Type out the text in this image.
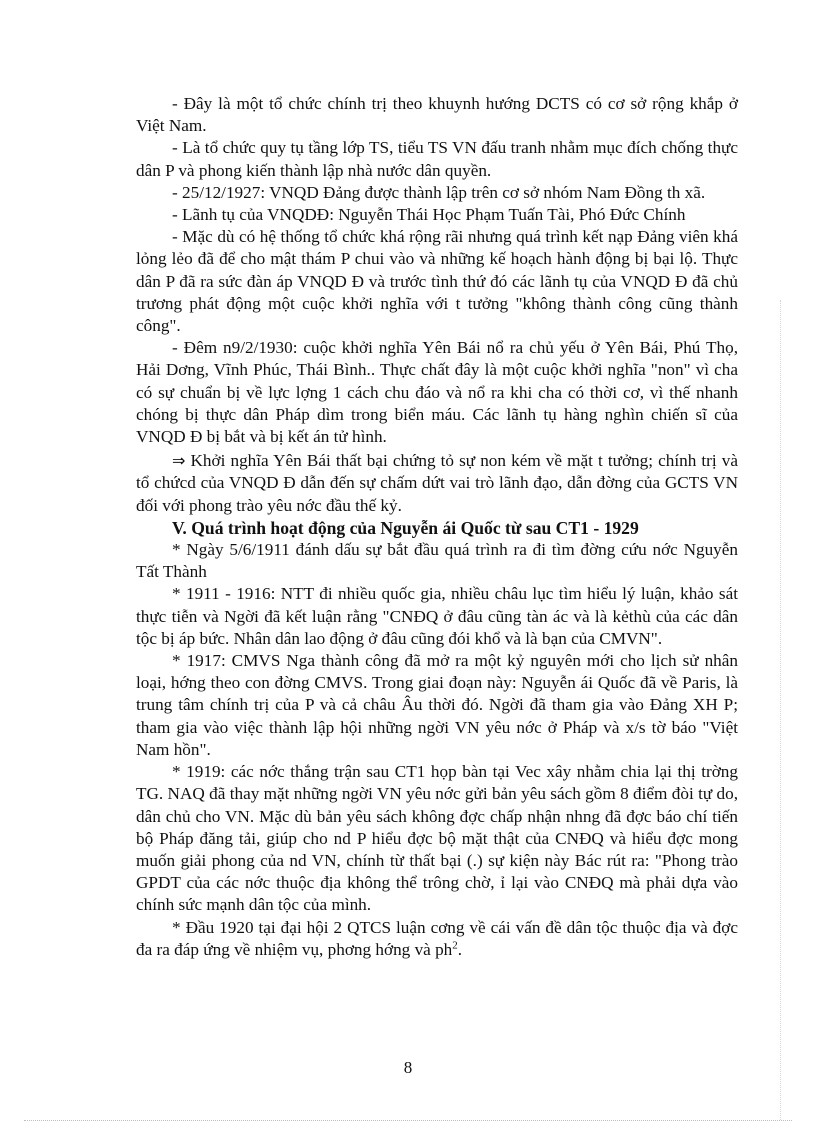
- Đây là một tổ chức chính trị theo khuynh hướng DCTS có cơ sở rộng khắp ở Việt Nam.

- Là tổ chức quy tụ tầng lớp TS, tiểu TS VN đấu tranh nhằm mục đích chống thực dân P và phong kiến thành lập nhà nước dân quyền.

- 25/12/1927: VNQD Đảng được thành lập trên cơ sở nhóm Nam Đồng th xã.

- Lãnh tụ của VNQDĐ: Nguyễn Thái Học Phạm Tuấn Tài, Phó Đức Chính

- Mặc dù có hệ thống tổ chức khá rộng rãi nhưng quá trình kết nạp Đảng viên khá lỏng lẻo đã để cho mật thám P chui vào và những kế hoạch hành động bị bại lộ. Thực dân P đã ra sức đàn áp VNQD Đ và trước tình thứ đó các lãnh tụ của VNQD Đ đã chủ trương phát động một cuộc khởi nghĩa với t tưởng "không thành công cũng thành công".

- Đêm n9/2/1930: cuộc khởi nghĩa Yên Bái nổ ra chủ yếu ở Yên Bái, Phú Thọ, Hải Dơng, Vĩnh Phúc, Thái Bình.. Thực chất đây là một cuộc khởi nghĩa "non" vì cha có sự chuẩn bị về lực lợng 1 cách chu đáo và nổ ra khi cha có thời cơ, vì thế nhanh chóng bị thực dân Pháp dìm trong biển máu. Các lãnh tụ hàng nghìn chiến sĩ của VNQD Đ bị bắt và bị kết án tử hình.

⇒ Khởi nghĩa Yên Bái thất bại chứng tỏ sự non kém về mặt t tưởng; chính trị và tổ chứcd của VNQD Đ dẫn đến sự chấm dứt vai trò lãnh đạo, dẫn đờng của GCTS VN đối với phong trào yêu nớc đầu thế kỷ.

V. Quá trình hoạt động của Nguyễn ái Quốc từ sau CT1 - 1929

* Ngày 5/6/1911 đánh dấu sự bắt đầu quá trình ra đi tìm đờng cứu nớc Nguyễn Tất Thành

* 1911 - 1916: NTT đi nhiều quốc gia, nhiều châu lục tìm hiểu lý luận, khảo sát thực tiễn và Ngời đã kết luận rằng "CNĐQ ở đâu cũng tàn ác và là kẻthù của các dân tộc bị áp bức. Nhân dân lao động ở đâu cũng đói khổ và là bạn của CMVN".

* 1917: CMVS Nga thành công đã mở ra một kỷ nguyên mới cho lịch sử nhân loại, hớng theo con đờng CMVS. Trong giai đoạn này: Nguyễn ái Quốc đã về Paris, là trung tâm chính trị của P và cả châu Âu thời đó. Ngời đã tham gia vào Đảng XH P; tham gia vào việc thành lập hội những ngời VN yêu nớc ở Pháp và x/s tờ báo "Việt Nam hồn".

* 1919: các nớc thắng trận sau CT1 họp bàn tại Vec xây nhằm chia lại thị trờng TG. NAQ đã thay mặt những ngời VN yêu nớc gửi bản yêu sách gồm 8 điểm đòi tự do, dân chủ cho VN. Mặc dù bản yêu sách không đợc chấp nhận nhng đã đợc báo chí tiến bộ Pháp đăng tải, giúp cho nd P hiểu đợc bộ mặt thật của CNĐQ và hiểu đợc mong muốn giải phong của nd VN, chính từ thất bại (.) sự kiện này Bác rút ra: "Phong trào GPDT của các nớc thuộc địa không thể trông chờ, ỉ lại vào CNĐQ mà phải dựa vào chính sức mạnh dân tộc của mình.

* Đầu 1920 tại đại hội 2 QTCS luận cơng về cái vấn đề dân tộc thuộc địa và đợc đa ra đáp ứng về nhiệm vụ, phơng hớng và $ph^2$.

8
